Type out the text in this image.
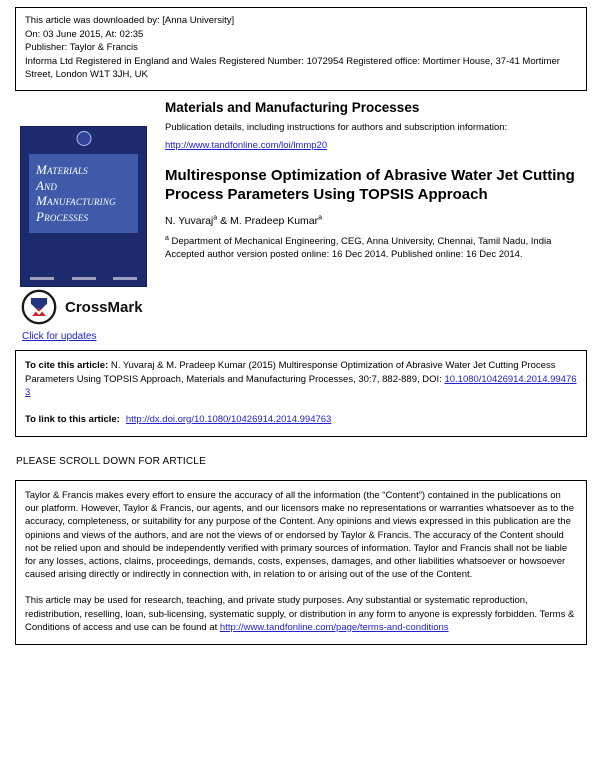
This article was downloaded by: [Anna University]
On: 03 June 2015, At: 02:35
Publisher: Taylor & Francis
Informa Ltd Registered in England and Wales Registered Number: 1072954 Registered office: Mortimer House, 37-41 Mortimer Street, London W1T 3JH, UK
Materials
And
Manufacturing
Processes
Materials and Manufacturing Processes
Publication details, including instructions for authors and subscription information:
http://www.tandfonline.com/loi/lmmp20
Multiresponse Optimization of Abrasive Water Jet Cutting Process Parameters Using TOPSIS Approach
N. Yuvaraj$^a$ & M. Pradeep Kumar$^a$
$^a$ Department of Mechanical Engineering, CEG, Anna University, Chennai, Tamil Nadu, India
Accepted author version posted online: 16 Dec 2014. Published online: 16 Dec 2014.
CrossMark
Click for updates

To cite this article: N. Yuvaraj & M. Pradeep Kumar (2015) Multiresponse Optimization of Abrasive Water Jet Cutting Process Parameters Using TOPSIS Approach, Materials and Manufacturing Processes, 30:7, 882-889, DOI: 10.1080/10426914.2014.994763

To link to this article: http://dx.doi.org/10.1080/10426914.2014.994763

PLEASE SCROLL DOWN FOR ARTICLE

Taylor & Francis makes every effort to ensure the accuracy of all the information (the “Content”) contained in the publications on our platform. However, Taylor & Francis, our agents, and our licensors make no representations or warranties whatsoever as to the accuracy, completeness, or suitability for any purpose of the Content. Any opinions and views expressed in this publication are the opinions and views of the authors, and are not the views of or endorsed by Taylor & Francis. The accuracy of the Content should not be relied upon and should be independently verified with primary sources of information. Taylor and Francis shall not be liable for any losses, actions, claims, proceedings, demands, costs, expenses, damages, and other liabilities whatsoever or howsoever caused arising directly or indirectly in connection with, in relation to or arising out of the use of the Content.

This article may be used for research, teaching, and private study purposes. Any substantial or systematic reproduction, redistribution, reselling, loan, sub-licensing, systematic supply, or distribution in any form to anyone is expressly forbidden. Terms & Conditions of access and use can be found at http://www.tandfonline.com/page/terms-and-conditions
